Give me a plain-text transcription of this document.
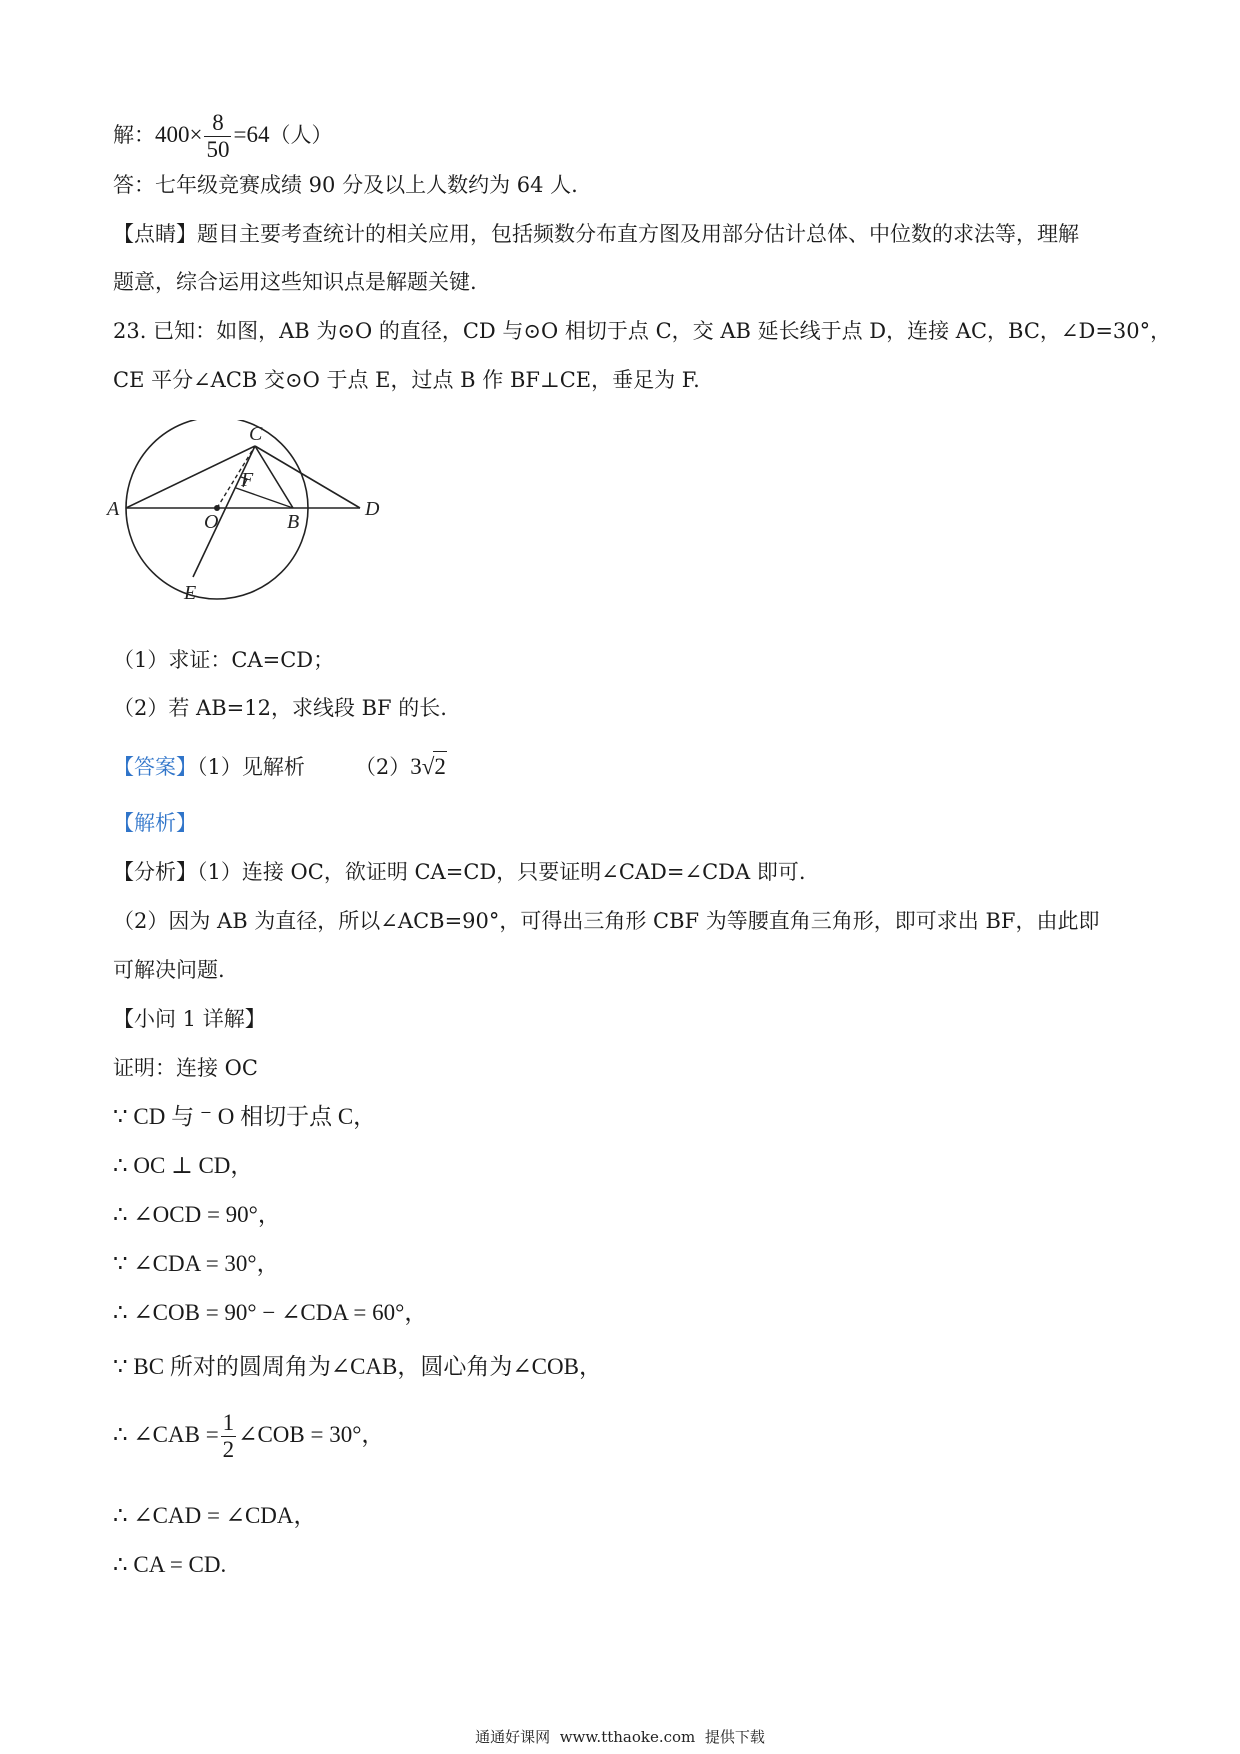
解：$400\times \frac{8}{50} =64$（人）
答：七年级竞赛成绩 90 分及以上人数约为 64 人.
【点睛】题目主要考查统计的相关应用，包括频数分布直方图及用部分估计总体、中位数的求法等，理解
题意，综合运用这些知识点是解题关键.
23. 已知：如图，AB 为⊙O 的直径，CD 与⊙O 相切于点 C，交 AB 延长线于点 D，连接 AC，BC，∠D=30°，
CE 平分∠ACB 交⊙O 于点 E，过点 B 作 BF⊥CE，垂足为 F.
C
A	D
F
O	B
E
（1）求证：CA=CD；
（2）若 AB=12，求线段 BF 的长.
【答案】（1）见解析 （2）3√2
【解析】
【分析】（1）连接 OC，欲证明 CA=CD，只要证明∠CAD=∠CDA 即可.
（2）因为 AB 为直径，所以∠ACB=90°，可得出三角形 CBF 为等腰直角三角形，即可求出 BF，由此即
可解决问题.
【小问 1 详解】
证明：连接 OC
∵ CD 与 ⁻ O 相切于点 C，
∴ OC ⊥ CD，
∴ ∠OCD = 90°，
∵ ∠CDA = 30°，
∴ ∠COB = 90° − ∠CDA = 60°，
∵ BC 所对的圆周角为∠CAB，圆心角为∠COB，
∴ ∠CAB = $\frac{1}{2}$ ∠COB = 30°，
∴ ∠CAD = ∠CDA，
∴ CA = CD.
通通好课网  www.tthaoke.com  提供下载
